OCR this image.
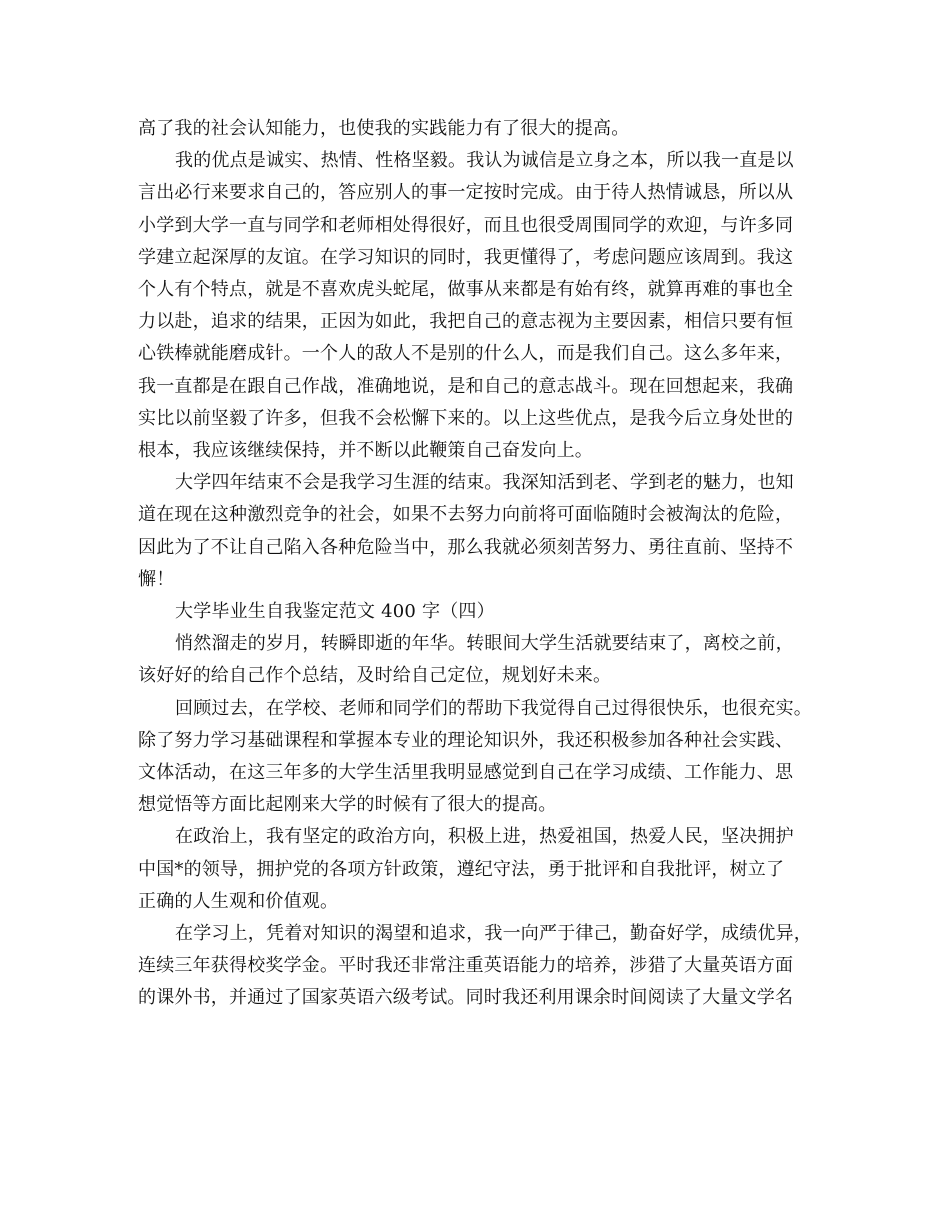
高了我的社会认知能力，也使我的实践能力有了很大的提高。
我的优点是诚实、热情、性格坚毅。我认为诚信是立身之本，所以我一直是以
言出必行来要求自己的，答应别人的事一定按时完成。由于待人热情诚恳，所以从
小学到大学一直与同学和老师相处得很好，而且也很受周围同学的欢迎，与许多同
学建立起深厚的友谊。在学习知识的同时，我更懂得了，考虑问题应该周到。我这
个人有个特点，就是不喜欢虎头蛇尾，做事从来都是有始有终，就算再难的事也全
力以赴，追求的结果，正因为如此，我把自己的意志视为主要因素，相信只要有恒
心铁棒就能磨成针。一个人的敌人不是别的什么人，而是我们自己。这么多年来，
我一直都是在跟自己作战，准确地说，是和自己的意志战斗。现在回想起来，我确
实比以前坚毅了许多，但我不会松懈下来的。以上这些优点，是我今后立身处世的
根本，我应该继续保持，并不断以此鞭策自己奋发向上。
大学四年结束不会是我学习生涯的结束。我深知活到老、学到老的魅力，也知
道在现在这种激烈竞争的社会，如果不去努力向前将可面临随时会被淘汰的危险，
因此为了不让自己陷入各种危险当中，那么我就必须刻苦努力、勇往直前、坚持不
懈！
大学毕业生自我鉴定范文 400 字（四）
悄然溜走的岁月，转瞬即逝的年华。转眼间大学生活就要结束了，离校之前，
该好好的给自己作个总结，及时给自己定位，规划好未来。
回顾过去，在学校、老师和同学们的帮助下我觉得自己过得很快乐，也很充实。
除了努力学习基础课程和掌握本专业的理论知识外，我还积极参加各种社会实践、
文体活动，在这三年多的大学生活里我明显感觉到自己在学习成绩、工作能力、思
想觉悟等方面比起刚来大学的时候有了很大的提高。
在政治上，我有坚定的政治方向，积极上进，热爱祖国，热爱人民，坚决拥护
中国*的领导，拥护党的各项方针政策，遵纪守法，勇于批评和自我批评，树立了
正确的人生观和价值观。
在学习上，凭着对知识的渴望和追求，我一向严于律己，勤奋好学，成绩优异，
连续三年获得校奖学金。平时我还非常注重英语能力的培养，涉猎了大量英语方面
的课外书，并通过了国家英语六级考试。同时我还利用课余时间阅读了大量文学名
